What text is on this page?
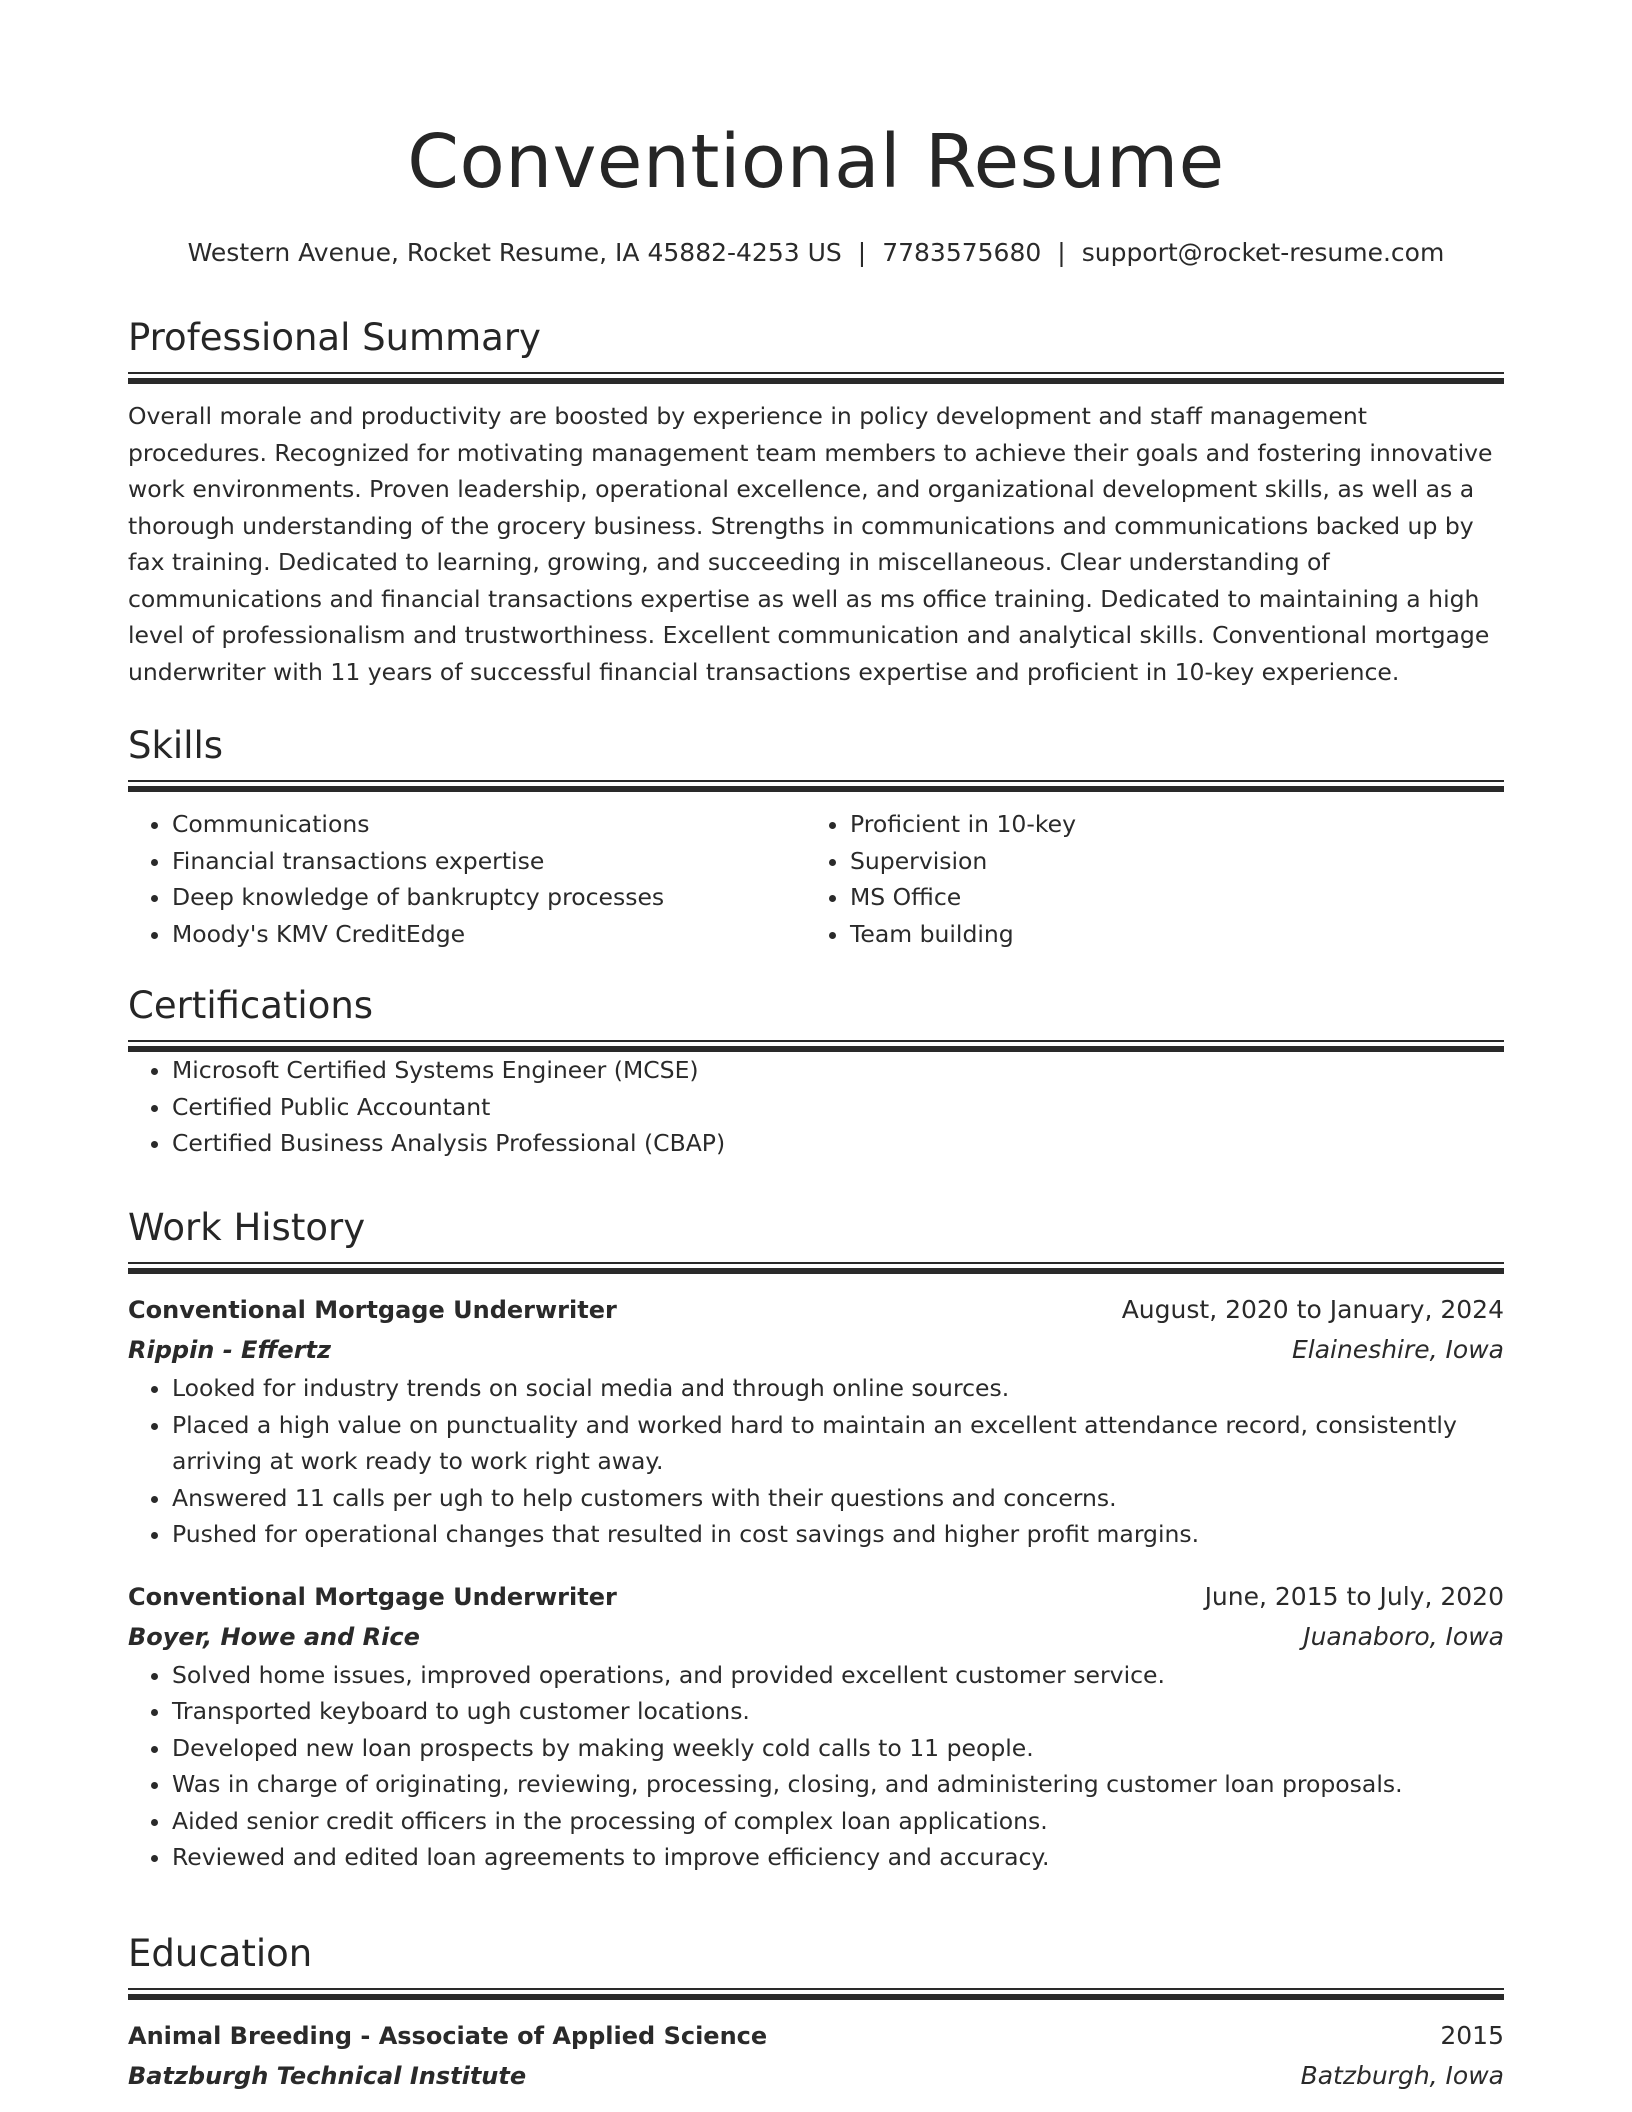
Conventional Resume
Western Avenue, Rocket Resume, IA 45882-4253 US | 7783575680 | support@rocket-resume.com
Professional Summary

Overall morale and productivity are boosted by experience in policy development and staff management procedures. Recognized for motivating management team members to achieve their goals and fostering innovative work environments. Proven leadership, operational excellence, and organizational development skills, as well as a thorough understanding of the grocery business. Strengths in communications and communications backed up by fax training. Dedicated to learning, growing, and succeeding in miscellaneous. Clear understanding of communications and financial transactions expertise as well as ms office training. Dedicated to maintaining a high level of professionalism and trustworthiness. Excellent communication and analytical skills. Conventional mortgage underwriter with 11 years of successful financial transactions expertise and proficient in 10-key experience.

Skills
• Communications
• Financial transactions expertise
• Deep knowledge of bankruptcy processes
• Moody's KMV CreditEdge
• Proficient in 10-key
• Supervision
• MS Office
• Team building
Certifications
• Microsoft Certified Systems Engineer (MCSE)
• Certified Public Accountant
• Certified Business Analysis Professional (CBAP)
Work History
Conventional Mortgage Underwriter	August, 2020 to January, 2024
Rippin - Effertz	Elaineshire, Iowa
• Looked for industry trends on social media and through online sources.
• Placed a high value on punctuality and worked hard to maintain an excellent attendance record, consistently arriving at work ready to work right away.
• Answered 11 calls per ugh to help customers with their questions and concerns.
• Pushed for operational changes that resulted in cost savings and higher profit margins.
Conventional Mortgage Underwriter	June, 2015 to July, 2020
Boyer, Howe and Rice	Juanaboro, Iowa
• Solved home issues, improved operations, and provided excellent customer service.
• Transported keyboard to ugh customer locations.
• Developed new loan prospects by making weekly cold calls to 11 people.
• Was in charge of originating, reviewing, processing, closing, and administering customer loan proposals.
• Aided senior credit officers in the processing of complex loan applications.
• Reviewed and edited loan agreements to improve efficiency and accuracy.
Education
Animal Breeding - Associate of Applied Science	2015
Batzburgh Technical Institute	Batzburgh, Iowa
